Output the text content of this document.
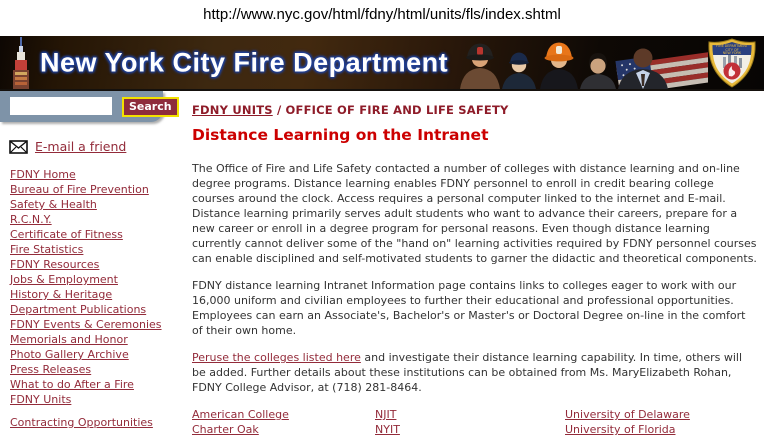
http://www.nyc.gov/html/fdny/html/units/fls/index.shtml
New York City Fire Department
FIRE DEPARTMENT
CITY OF
NEW YORK
Search
E-mail a friend
FDNY Home
Bureau of Fire Prevention
Safety & Health
R.C.N.Y.
Certificate of Fitness
Fire Statistics
FDNY Resources
Jobs & Employment
History & Heritage
Department Publications
FDNY Events & Ceremonies
Memorials and Honor
Photo Gallery Archive
Press Releases
What to do After a Fire
FDNY Units
Contracting Opportunities
FDNY UNITS / OFFICE OF FIRE AND LIFE SAFETY
Distance Learning on the Intranet

The Office of Fire and Life Safety contacted a number of colleges with distance learning and on-line degree programs. Distance learning enables FDNY personnel to enroll in credit bearing college courses around the clock. Access requires a personal computer linked to the internet and E-mail. Distance learning primarily serves adult students who want to advance their careers, prepare for a new career or enroll in a degree program for personal reasons. Even though distance learning currently cannot deliver some of the "hand on" learning activities required by FDNY personnel courses can enable disciplined and self-motivated students to garner the didactic and theoretical components.

FDNY distance learning Intranet Information page contains links to colleges eager to work with our 16,000 uniform and civilian employees to further their educational and professional opportunities. Employees can earn an Associate's, Bachelor's or Master's or Doctoral Degree on-line in the comfort of their own home.

Peruse the colleges listed here and investigate their distance learning capability. In time, others will be added. Further details about these institutions can be obtained from Ms. MaryElizabeth Rohan, FDNY College Advisor, at (718) 281-8464.

American College	NJIT	University of Delaware
Charter Oak	NYIT	University of Florida
